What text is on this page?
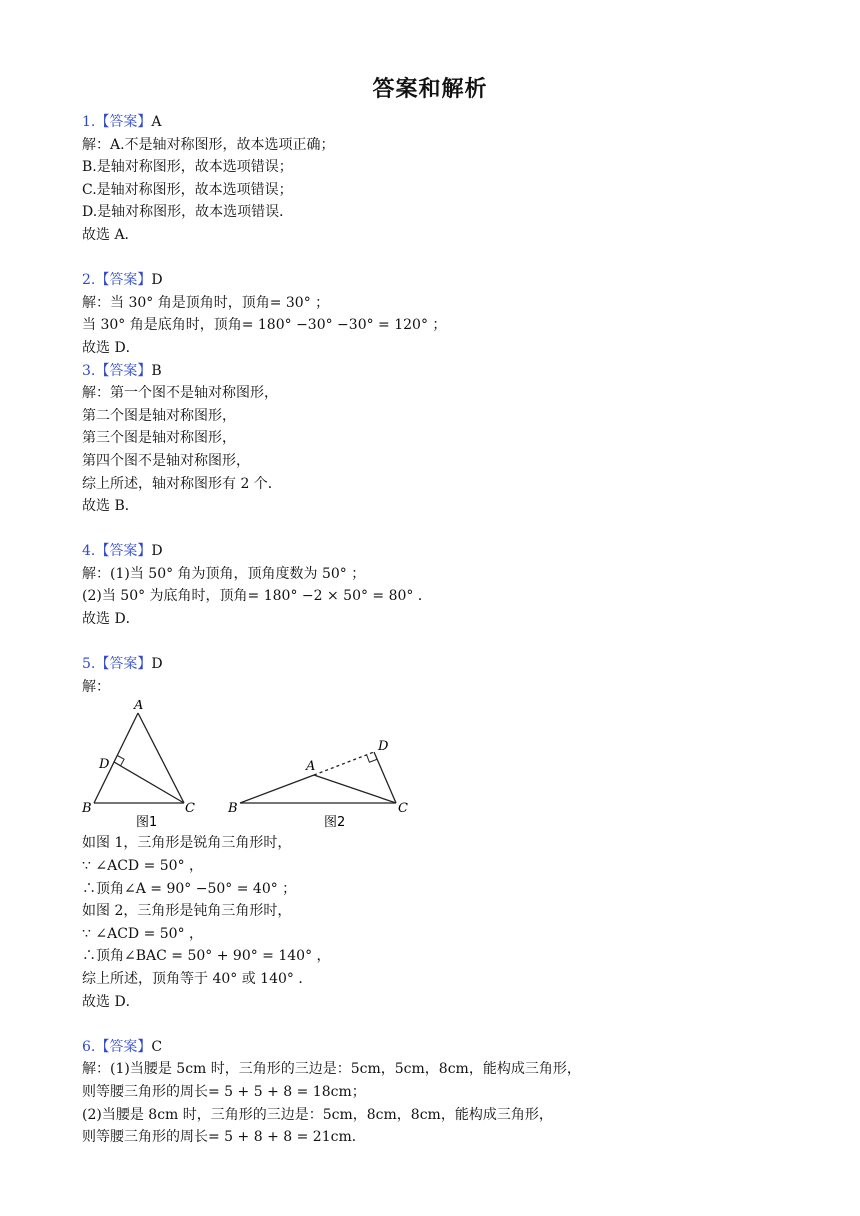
答案和解析
1.【答案】A
解：A.不是轴对称图形，故本选项正确；
B.是轴对称图形，故本选项错误；
C.是轴对称图形，故本选项错误；
D.是轴对称图形，故本选项错误．
故选 A．
2.【答案】D
解：当 30° 角是顶角时，顶角= 30° ；
当 30° 角是底角时，顶角= 180° −30° −30° = 120° ；
故选 D．
3.【答案】B
解：第一个图不是轴对称图形，
第二个图是轴对称图形，
第三个图是轴对称图形，
第四个图不是轴对称图形，
综上所述，轴对称图形有 2 个．
故选 B．
4.【答案】D
解：(1)当 50° 角为顶角，顶角度数为 50° ；
(2)当 50° 为底角时，顶角= 180° −2 × 50° = 80° ．
故选 D．
5.【答案】D
解：
A
B	C
D
图1
B
A
C
D
图2
如图 1，三角形是锐角三角形时，
∵ ∠ACD = 50° ，
∴顶角∠A = 90° −50° = 40° ；
如图 2，三角形是钝角三角形时，
∵ ∠ACD = 50° ，
∴顶角∠BAC = 50° + 90° = 140° ，
综上所述，顶角等于 40° 或 140° ．
故选 D．
6.【答案】C
解：(1)当腰是 5cm 时，三角形的三边是：5cm，5cm，8cm，能构成三角形，
则等腰三角形的周长= 5 + 5 + 8 = 18cm；
(2)当腰是 8cm 时，三角形的三边是：5cm，8cm，8cm，能构成三角形，
则等腰三角形的周长= 5 + 8 + 8 = 21cm．
